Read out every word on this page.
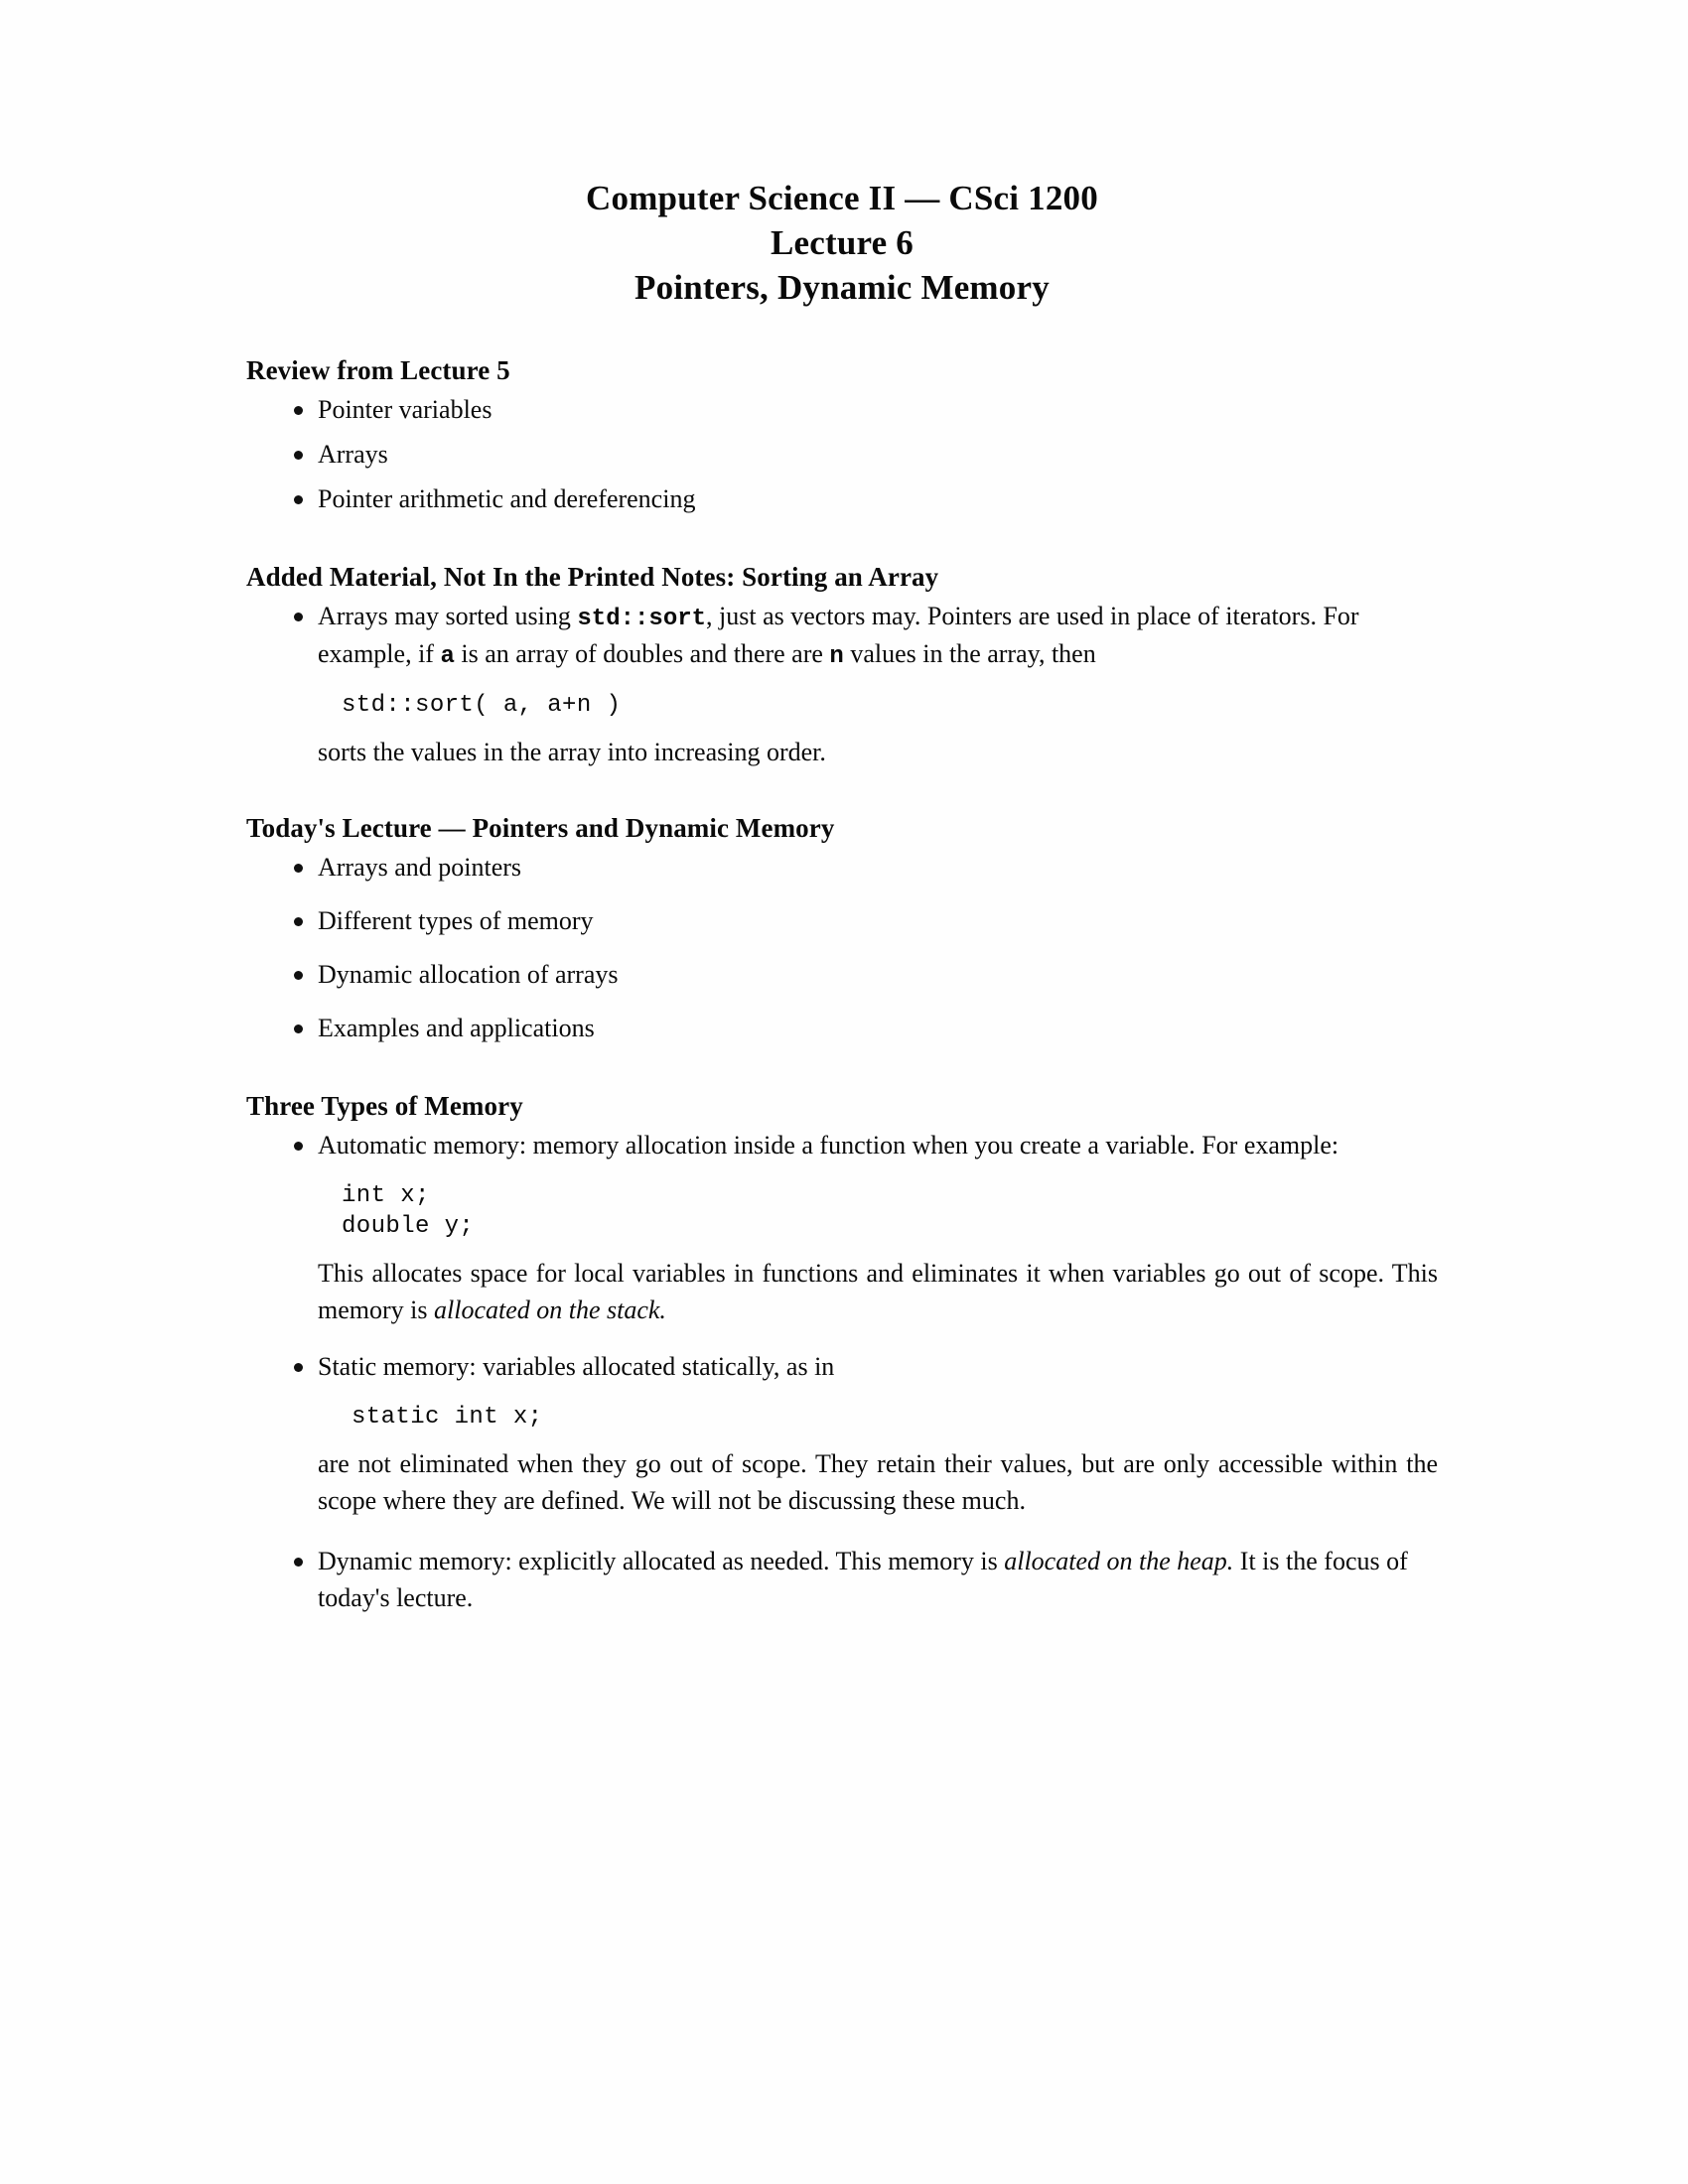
Computer Science II — CSci 1200
Lecture 6
Pointers, Dynamic Memory
Review from Lecture 5
Pointer variables
Arrays
Pointer arithmetic and dereferencing
Added Material, Not In the Printed Notes: Sorting an Array
Arrays may sorted using std::sort, just as vectors may. Pointers are used in place of iterators. For example, if a is an array of doubles and there are n values in the array, then
std::sort( a, a+n )
sorts the values in the array into increasing order.
Today's Lecture — Pointers and Dynamic Memory
Arrays and pointers
Different types of memory
Dynamic allocation of arrays
Examples and applications
Three Types of Memory
Automatic memory: memory allocation inside a function when you create a variable. For example:
int x;
double y;
This allocates space for local variables in functions and eliminates it when variables go out of scope. This memory is allocated on the stack.
Static memory: variables allocated statically, as in
static int x;
are not eliminated when they go out of scope. They retain their values, but are only accessible within the scope where they are defined. We will not be discussing these much.
Dynamic memory: explicitly allocated as needed. This memory is allocated on the heap. It is the focus of today's lecture.
